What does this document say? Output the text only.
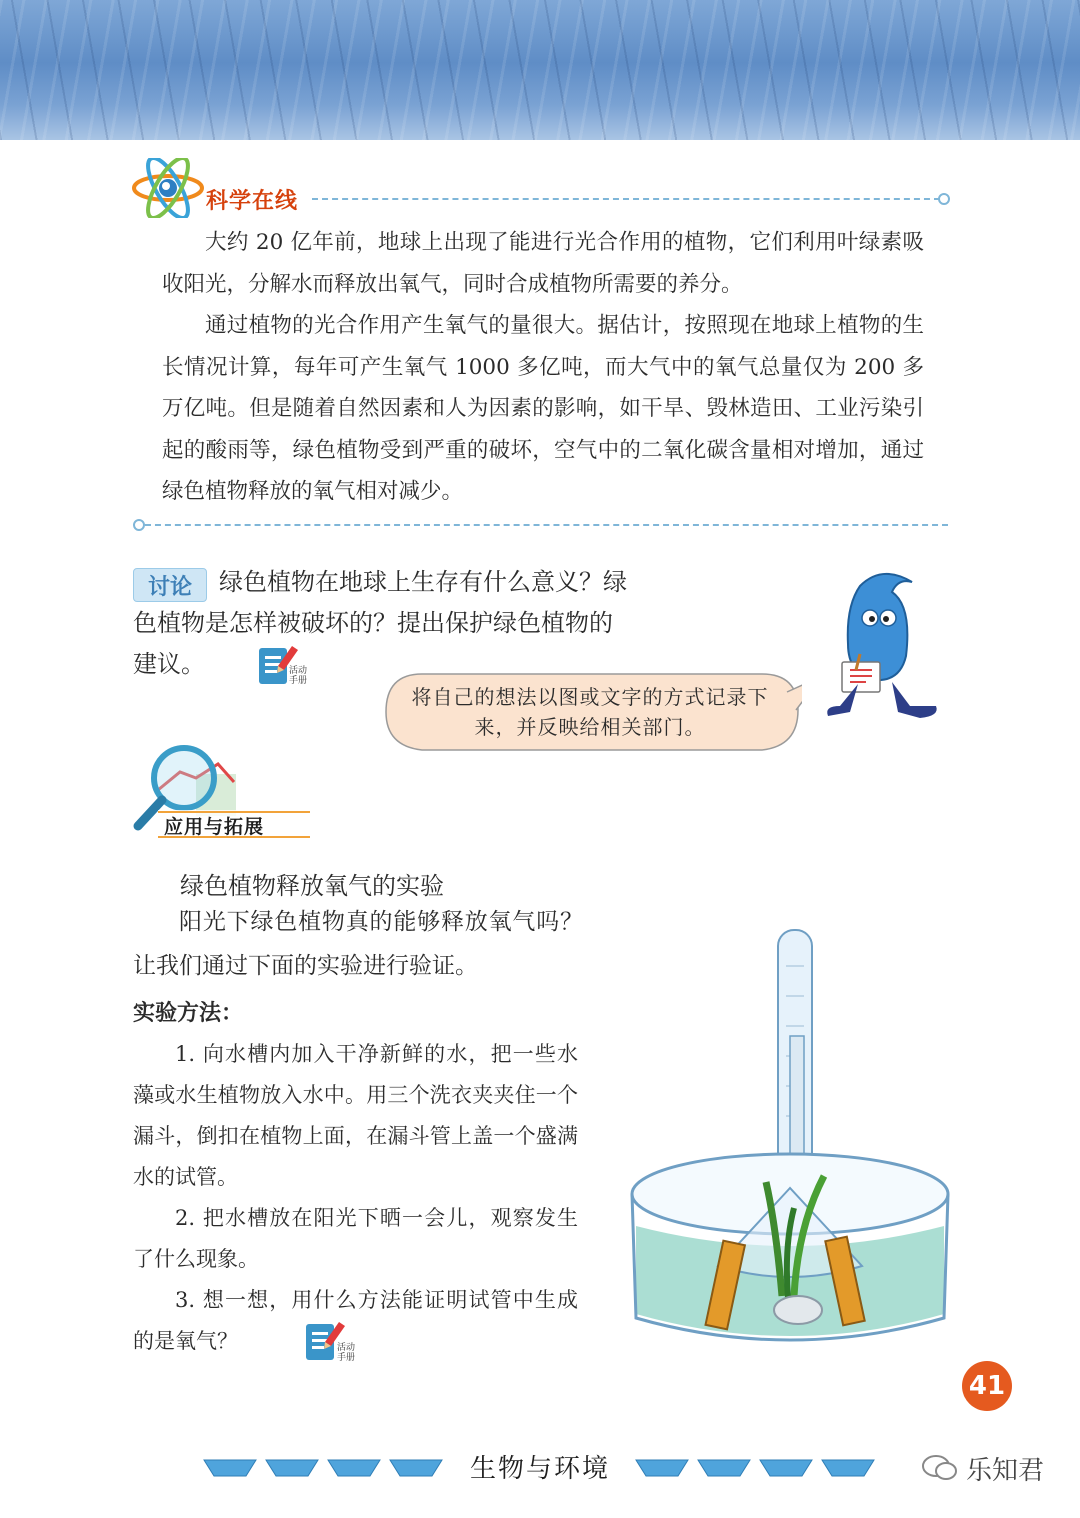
科学在线

大约 20 亿年前，地球上出现了能进行光合作用的植物，它们利用叶绿素吸收阳光，分解水而释放出氧气，同时合成植物所需要的养分。

通过植物的光合作用产生氧气的量很大。据估计，按照现在地球上植物的生长情况计算，每年可产生氧气 1000 多亿吨，而大气中的氧气总量仅为 200 多万亿吨。但是随着自然因素和人为因素的影响，如干旱、毁林造田、工业污染引起的酸雨等，绿色植物受到严重的破坏，空气中的二氧化碳含量相对增加，通过绿色植物释放的氧气相对减少。

绿色植物在地球上生存有什么意义？绿色植物是怎样被破坏的？提出保护绿色植物的建议。

讨论
活动
手册

将自己的想法以图或文字的方式记录下来，并反映给相关部门。

应用与拓展
绿色植物释放氧气的实验

阳光下绿色植物真的能够释放氧气吗？让我们通过下面的实验进行验证。

实验方法：

1. 向水槽内加入干净新鲜的水，把一些水藻或水生植物放入水中。用三个洗衣夹夹住一个漏斗，倒扣在植物上面，在漏斗管上盖一个盛满水的试管。

2. 把水槽放在阳光下晒一会儿，观察发生了什么现象。

3. 想一想，用什么方法能证明试管中生成的是氧气？	活动
手册
41
生物与环境	乐知君
